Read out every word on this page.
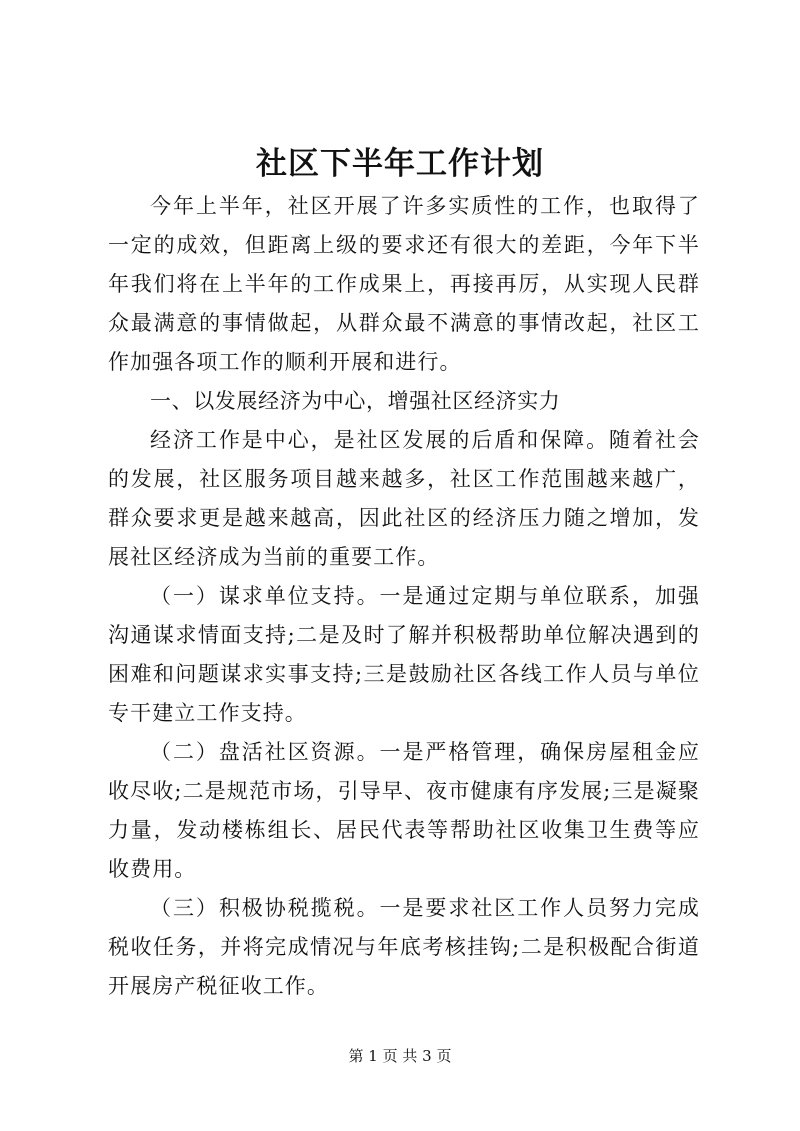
社区下半年工作计划

今年上半年，社区开展了许多实质性的工作，也取得了一定的成效，但距离上级的要求还有很大的差距，今年下半年我们将在上半年的工作成果上，再接再厉，从实现人民群众最满意的事情做起，从群众最不满意的事情改起，社区工作加强各项工作的顺利开展和进行。

一、以发展经济为中心，增强社区经济实力

经济工作是中心，是社区发展的后盾和保障。随着社会的发展，社区服务项目越来越多，社区工作范围越来越广，群众要求更是越来越高，因此社区的经济压力随之增加，发展社区经济成为当前的重要工作。

（一）谋求单位支持。一是通过定期与单位联系，加强沟通谋求情面支持;二是及时了解并积极帮助单位解决遇到的困难和问题谋求实事支持;三是鼓励社区各线工作人员与单位专干建立工作支持。

（二）盘活社区资源。一是严格管理，确保房屋租金应收尽收;二是规范市场，引导早、夜市健康有序发展;三是凝聚力量，发动楼栋组长、居民代表等帮助社区收集卫生费等应收费用。

（三）积极协税揽税。一是要求社区工作人员努力完成税收任务，并将完成情况与年底考核挂钩;二是积极配合街道开展房产税征收工作。

第 1 页 共 3 页
